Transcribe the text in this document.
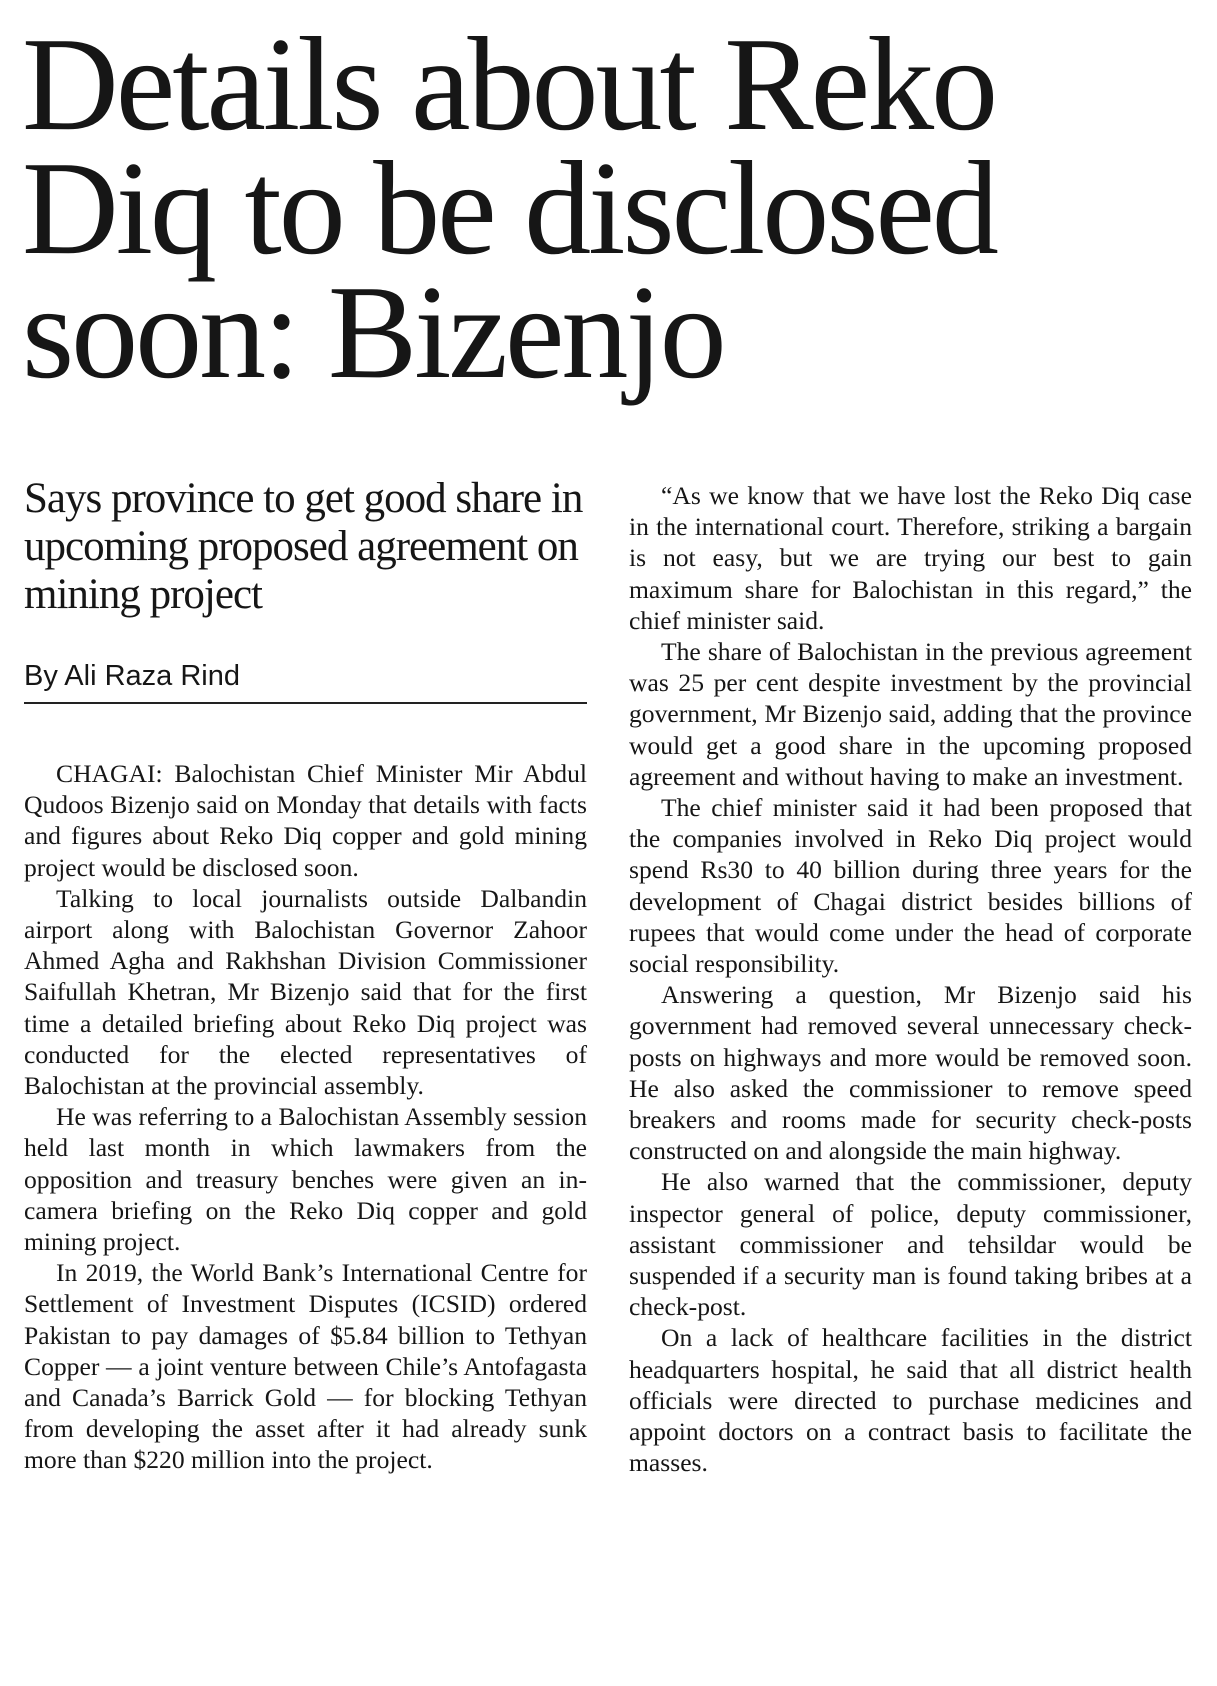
Details about Reko Diq to be disclosed soon: Bizenjo
Says province to get good share in upcoming proposed agreement on mining project
By Ali Raza Rind

CHAGAI: Balochistan Chief Minister Mir Abdul Qudoos Bizenjo said on Monday that details with facts and figures about Reko Diq copper and gold mining project would be disclosed soon.

Talking to local journalists outside Dalbandin airport along with Balochistan Governor Zahoor Ahmed Agha and Rakhshan Division Commissioner Saifullah Khetran, Mr Bizenjo said that for the first time a detailed briefing about Reko Diq project was conducted for the elected representatives of Balochistan at the provincial assembly.

He was referring to a Balochistan Assembly session held last month in which lawmakers from the opposition and treasury benches were given an in-camera briefing on the Reko Diq copper and gold mining project.

In 2019, the World Bank’s International Centre for Settlement of Investment Disputes (ICSID) ordered Pakistan to pay damages of $5.84 billion to Tethyan Copper — a joint venture between Chile’s Antofagasta and Canada’s Barrick Gold — for blocking Tethyan from developing the asset after it had already sunk more than $220 million into the project.

“As we know that we have lost the Reko Diq case in the international court. Therefore, striking a bargain is not easy, but we are trying our best to gain maximum share for Balochistan in this regard,” the chief minister said.

The share of Balochistan in the previous agreement was 25 per cent despite investment by the provincial government, Mr Bizenjo said, adding that the province would get a good share in the upcoming proposed agreement and without having to make an investment.

The chief minister said it had been proposed that the companies involved in Reko Diq project would spend Rs30 to 40 billion during three years for the development of Chagai district besides billions of rupees that would come under the head of corporate social responsibility.

Answering a question, Mr Bizenjo said his government had removed several unnecessary check-posts on highways and more would be removed soon. He also asked the commissioner to remove speed breakers and rooms made for security check-posts constructed on and alongside the main highway.

He also warned that the commissioner, deputy inspector general of police, deputy commissioner, assistant commissioner and tehsildar would be suspended if a security man is found taking bribes at a check-post.

On a lack of healthcare facilities in the district headquarters hospital, he said that all district health officials were directed to purchase medicines and appoint doctors on a contract basis to facilitate the masses.
